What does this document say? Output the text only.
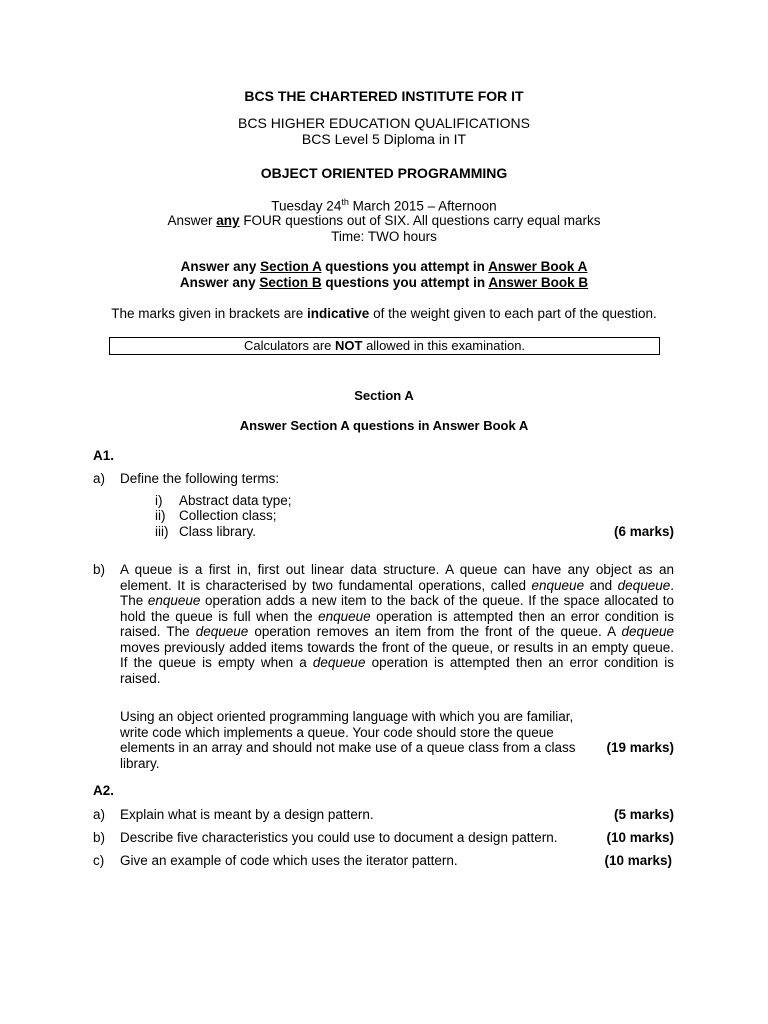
BCS THE CHARTERED INSTITUTE FOR IT
BCS HIGHER EDUCATION QUALIFICATIONS
BCS Level 5 Diploma in IT
OBJECT ORIENTED PROGRAMMING
Tuesday 24th March 2015 – Afternoon
Answer any FOUR questions out of SIX. All questions carry equal marks
Time: TWO hours
Answer any Section A questions you attempt in Answer Book A
Answer any Section B questions you attempt in Answer Book B
The marks given in brackets are indicative of the weight given to each part of the question.
Calculators are NOT allowed in this examination.
Section A
Answer Section A questions in Answer Book A
A1.
a) Define the following terms:
i) Abstract data type;
ii) Collection class;
iii) Class library.	(6 marks)
b) A queue is a first in, first out linear data structure. A queue can have any object as an element. It is characterised by two fundamental operations, called enqueue and dequeue. The enqueue operation adds a new item to the back of the queue. If the space allocated to hold the queue is full when the enqueue operation is attempted then an error condition is raised. The dequeue operation removes an item from the front of the queue. A dequeue moves previously added items towards the front of the queue, or results in an empty queue. If the queue is empty when a dequeue operation is attempted then an error condition is raised.
Using an object oriented programming language with which you are familiar, write code which implements a queue. Your code should store the queue elements in an array and should not make use of a queue class from a class library.
(19 marks)
A2.
a) Explain what is meant by a design pattern.	(5 marks)
b) Describe five characteristics you could use to document a design pattern.	(10 marks)
c) Give an example of code which uses the iterator pattern.	(10 marks)
